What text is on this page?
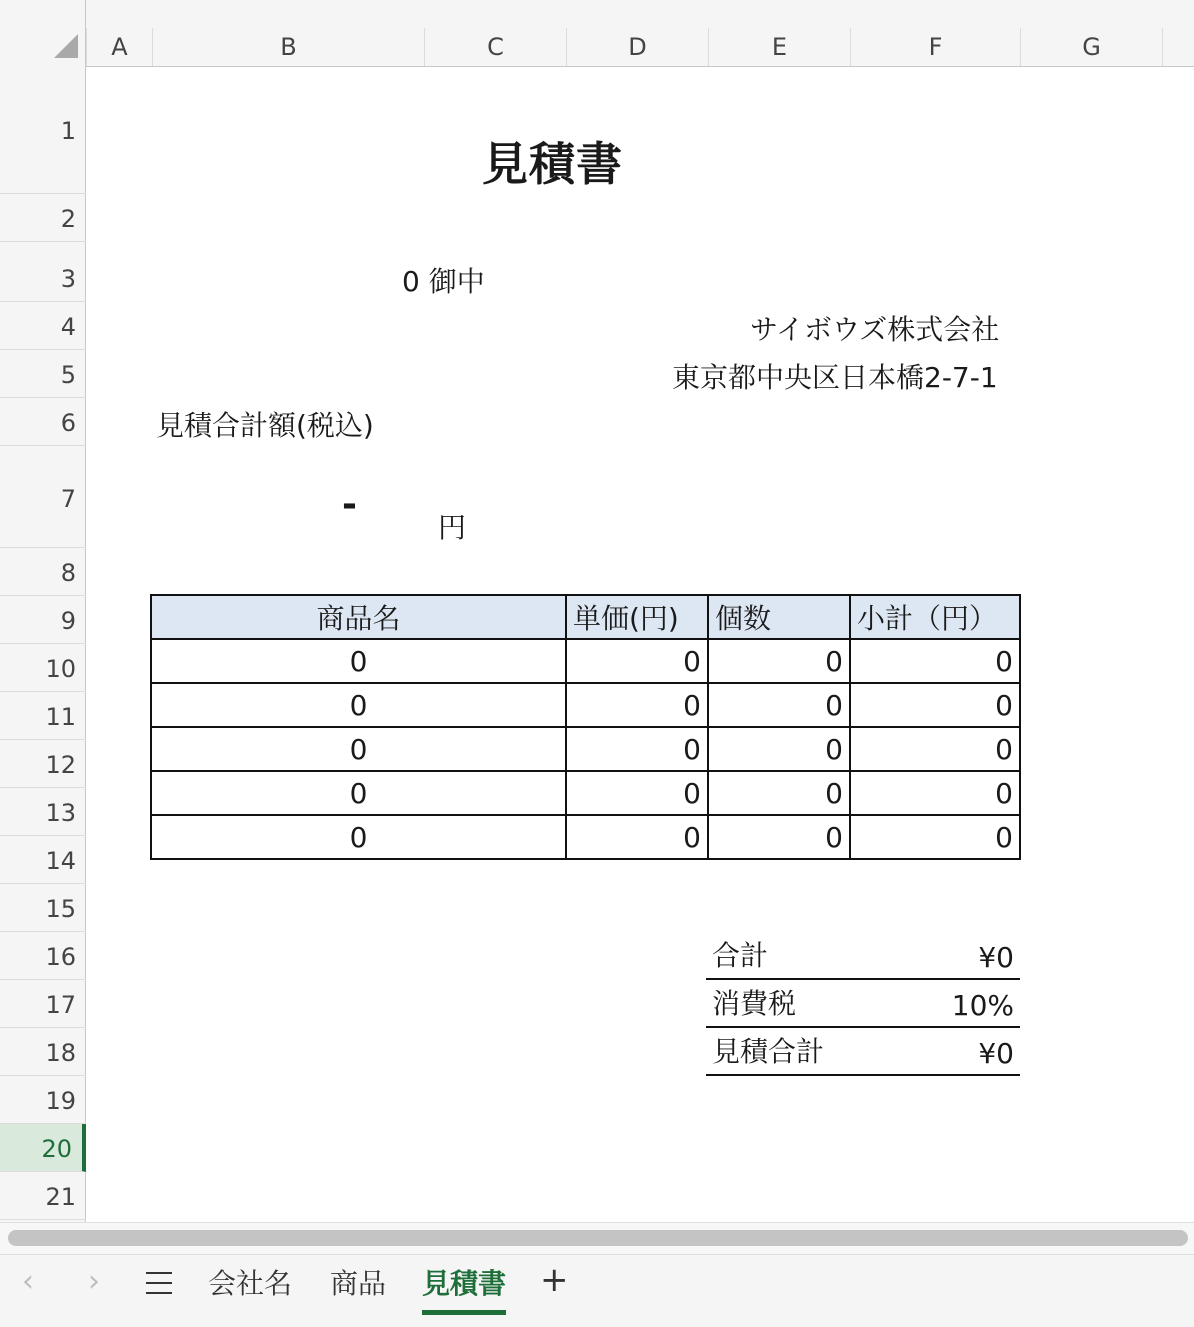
A	B	C	D	E	F	G
1
2
3
4
5
6
7
8
9
10
11
12
13
14
15
16
17
18
19
20
21
見積書
0 御中
サイボウズ株式会社
東京都中央区日本橋2-7-1
見積合計額(税込)
-
円
商品名	単価(円)	個数	小計（円）
0	0	0	0
0	0	0	0
0	0	0	0
0	0	0	0
0	0	0	0
合計	¥0
消費税	10%
見積合計	¥0
‹ ›	会社名 商品 見積書 +
